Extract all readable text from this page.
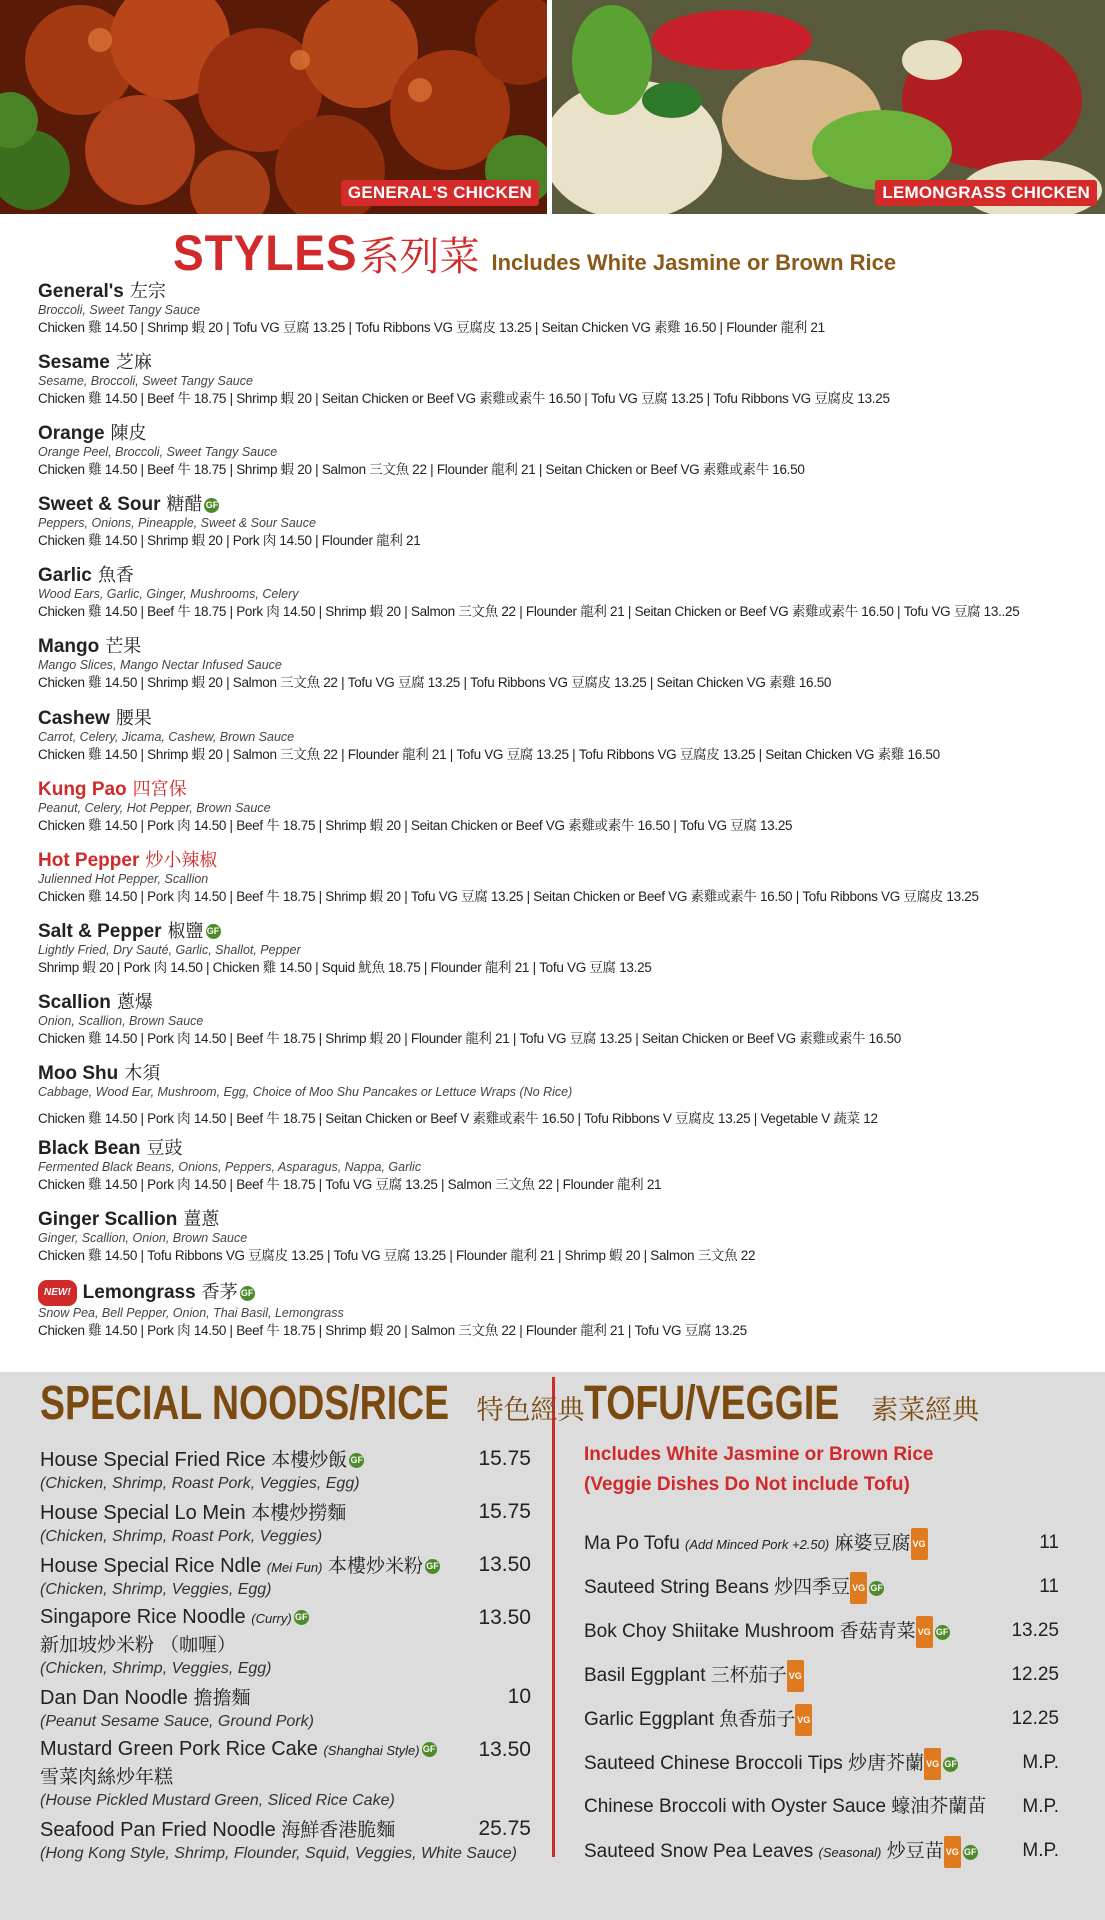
GENERAL'S CHICKEN	LEMONGRASS CHICKEN
STYLES 系列菜 Includes White Jasmine or Brown Rice
General's 左宗
Broccoli, Sweet Tangy Sauce
Chicken 雞 14.50 | Shrimp 蝦 20 | Tofu VG 豆腐 13.25 | Tofu Ribbons VG 豆腐皮 13.25 | Seitan Chicken VG 素雞 16.50 | Flounder 龍利 21
Sesame 芝麻
Sesame, Broccoli, Sweet Tangy Sauce
Chicken 雞 14.50 | Beef 牛 18.75 | Shrimp 蝦 20 | Seitan Chicken or Beef VG 素雞或素牛 16.50 | Tofu VG 豆腐 13.25 | Tofu Ribbons VG 豆腐皮 13.25
Orange 陳皮
Orange Peel, Broccoli, Sweet Tangy Sauce
Chicken 雞 14.50 | Beef 牛 18.75 | Shrimp 蝦 20 | Salmon 三文魚 22 | Flounder 龍利 21 | Seitan Chicken or Beef VG 素雞或素牛 16.50
Sweet & Sour 糖醋 GF
Peppers, Onions, Pineapple, Sweet & Sour Sauce
Chicken 雞 14.50 | Shrimp 蝦 20 | Pork 肉 14.50 | Flounder 龍利 21
Garlic 魚香
Wood Ears, Garlic, Ginger, Mushrooms, Celery
Chicken 雞 14.50 | Beef 牛 18.75 | Pork 肉 14.50 | Shrimp 蝦 20 | Salmon 三文魚 22 | Flounder 龍利 21 | Seitan Chicken or Beef VG 素雞或素牛 16.50 | Tofu VG 豆腐 13..25
Mango 芒果
Mango Slices, Mango Nectar Infused Sauce
Chicken 雞 14.50 | Shrimp 蝦 20 | Salmon 三文魚 22 | Tofu VG 豆腐 13.25 | Tofu Ribbons VG 豆腐皮 13.25 | Seitan Chicken VG 素雞 16.50
Cashew 腰果
Carrot, Celery, Jicama, Cashew, Brown Sauce
Chicken 雞 14.50 | Shrimp 蝦 20 | Salmon 三文魚 22 | Flounder 龍利 21 | Tofu VG 豆腐 13.25 | Tofu Ribbons VG 豆腐皮 13.25 | Seitan Chicken VG 素雞 16.50
Kung Pao 四宮保
Peanut, Celery, Hot Pepper, Brown Sauce
Chicken 雞 14.50 | Pork 肉 14.50 | Beef 牛 18.75 | Shrimp 蝦 20 | Seitan Chicken or Beef VG 素雞或素牛 16.50 | Tofu VG 豆腐 13.25
Hot Pepper 炒小辣椒
Julienned Hot Pepper, Scallion
Chicken 雞 14.50 | Pork 肉 14.50 | Beef 牛 18.75 | Shrimp 蝦 20 | Tofu VG 豆腐 13.25 | Seitan Chicken or Beef VG 素雞或素牛 16.50 | Tofu Ribbons VG 豆腐皮 13.25
Salt & Pepper 椒鹽 GF
Lightly Fried, Dry Sauté, Garlic, Shallot, Pepper
Shrimp 蝦 20 | Pork 肉 14.50 | Chicken 雞 14.50 | Squid 魷魚 18.75 | Flounder 龍利 21 | Tofu VG 豆腐 13.25
Scallion 蔥爆
Onion, Scallion, Brown Sauce
Chicken 雞 14.50 | Pork 肉 14.50 | Beef 牛 18.75 | Shrimp 蝦 20 | Flounder 龍利 21 | Tofu VG 豆腐 13.25 | Seitan Chicken or Beef VG 素雞或素牛 16.50
Moo Shu 木須
Cabbage, Wood Ear, Mushroom, Egg, Choice of Moo Shu Pancakes or Lettuce Wraps (No Rice)
Chicken 雞 14.50 | Pork 肉 14.50 | Beef 牛 18.75 | Seitan Chicken or Beef V 素雞或素牛 16.50 | Tofu Ribbons V 豆腐皮 13.25 | Vegetable V 蔬菜 12
Black Bean 豆豉
Fermented Black Beans, Onions, Peppers, Asparagus, Nappa, Garlic
Chicken 雞 14.50 | Pork 肉 14.50 | Beef 牛 18.75 | Tofu VG 豆腐 13.25 | Salmon 三文魚 22 | Flounder 龍利 21
Ginger Scallion 薑蔥
Ginger, Scallion, Onion, Brown Sauce
Chicken 雞 14.50 | Tofu Ribbons VG 豆腐皮 13.25 | Tofu VG 豆腐 13.25 | Flounder 龍利 21 | Shrimp 蝦 20 | Salmon 三文魚 22
NEW! Lemongrass 香茅 GF
Snow Pea, Bell Pepper, Onion, Thai Basil, Lemongrass
Chicken 雞 14.50 | Pork 肉 14.50 | Beef 牛 18.75 | Shrimp 蝦 20 | Salmon 三文魚 22 | Flounder 龍利 21 | Tofu VG 豆腐 13.25
SPECIAL NOODS/RICE 特色經典
House Special Fried Rice 本樓炒飯 GF
(Chicken, Shrimp, Roast Pork, Veggies, Egg)
15.75
House Special Lo Mein 本樓炒撈麵
(Chicken, Shrimp, Roast Pork, Veggies)
15.75
House Special Rice Ndle (Mei Fun) 本樓炒米粉 GF
(Chicken, Shrimp, Veggies, Egg)
13.50
Singapore Rice Noodle (Curry) GF
新加坡炒米粉 （咖喱）
(Chicken, Shrimp, Veggies, Egg)
13.50
Dan Dan Noodle 擔擔麵
(Peanut Sesame Sauce, Ground Pork)
10
Mustard Green Pork Rice Cake (Shanghai Style) GF
雪菜肉絲炒年糕
(House Pickled Mustard Green, Sliced Rice Cake)
13.50
Seafood Pan Fried Noodle 海鮮香港脆麵
(Hong Kong Style, Shrimp, Flounder, Squid, Veggies, White Sauce)
25.75
TOFU/VEGGIE 素菜經典
Includes White Jasmine or Brown Rice
(Veggie Dishes Do Not include Tofu)
Ma Po Tofu (Add Minced Pork +2.50) 麻婆豆腐 VG	11
Sauteed String Beans 炒四季豆 VG GF	11
Bok Choy Shiitake Mushroom 香菇青菜 VG GF	13.25
Basil Eggplant 三杯茄子 VG	12.25
Garlic Eggplant 魚香茄子 VG	12.25
Sauteed Chinese Broccoli Tips 炒唐芥蘭 VG GF	M.P.
Chinese Broccoli with Oyster Sauce 蠔油芥蘭苗 M.P.
Sauteed Snow Pea Leaves (Seasonal) 炒豆苗 VG GF M.P.
